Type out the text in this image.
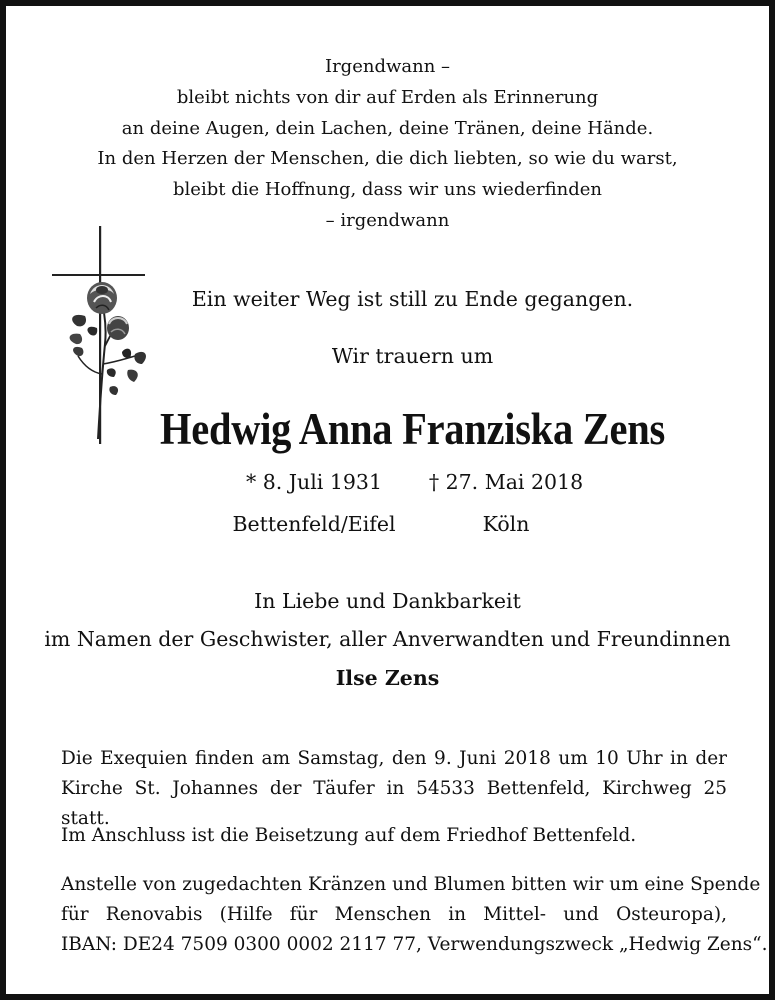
Irgendwann –
bleibt nichts von dir auf Erden als Erinnerung
an deine Augen, dein Lachen, deine Tränen, deine Hände.
In den Herzen der Menschen, die dich liebten, so wie du warst,
bleibt die Hoffnung, dass wir uns wiederfinden
– irgendwann
Ein weiter Weg ist still zu Ende gegangen.
Wir trauern um
Hedwig Anna Franziska Zens
* 8. Juli 1931	† 27. Mai 2018
Bettenfeld/Eifel	Köln
In Liebe und Dankbarkeit
im Namen der Geschwister, aller Anverwandten und Freundinnen
Ilse Zens
Die Exequien finden am Samstag, den 9. Juni 2018 um 10 Uhr in der Kirche St. Johannes der Täufer in 54533 Bettenfeld, Kirchweg 25 statt.
Im Anschluss ist die Beisetzung auf dem Friedhof Bettenfeld.
Anstelle von zugedachten Kränzen und Blumen bitten wir um eine Spende
für Renovabis (Hilfe für Menschen in Mittel- und Osteuropa),
IBAN: DE24 7509 0300 0002 2117 77, Verwendungszweck „Hedwig Zens“.
